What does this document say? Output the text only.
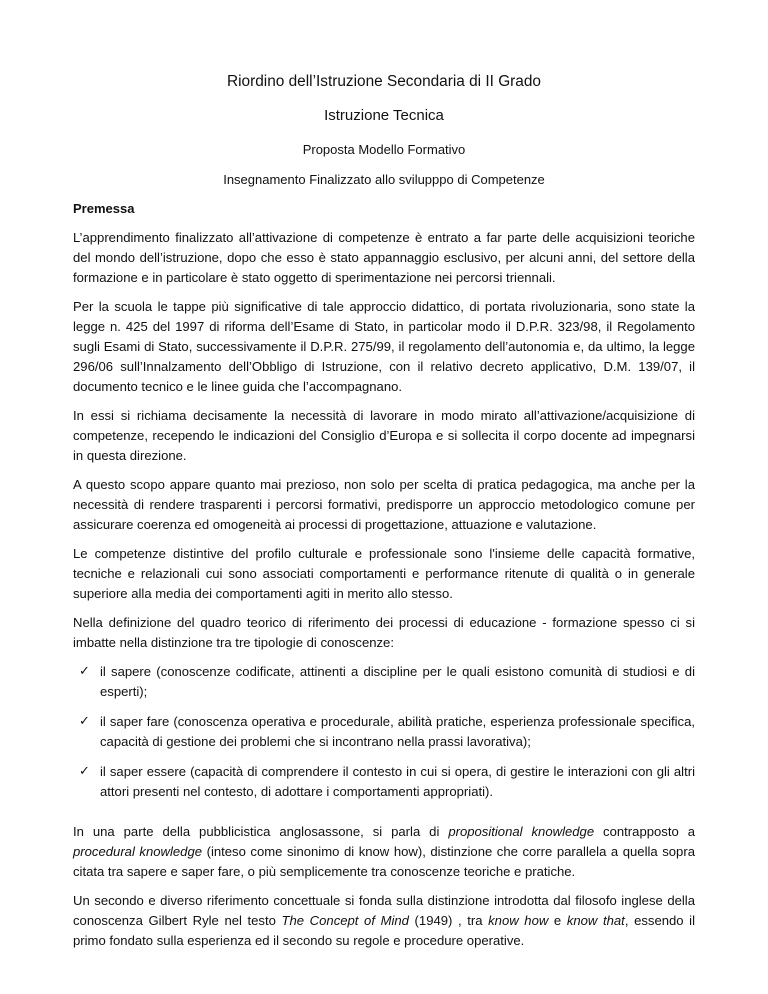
Riordino dell’Istruzione Secondaria di II Grado
Istruzione Tecnica
Proposta Modello Formativo
Insegnamento Finalizzato allo svilupppo di Competenze
Premessa

L’apprendimento finalizzato all’attivazione di competenze è entrato a far parte delle acquisizioni teoriche del mondo dell’istruzione, dopo che esso è stato appannaggio esclusivo, per alcuni anni, del settore della formazione e in particolare è stato oggetto di sperimentazione nei percorsi triennali.

Per la scuola le tappe più significative di tale approccio didattico, di portata rivoluzionaria, sono state la legge n. 425 del 1997 di riforma dell’Esame di Stato, in particolar modo il D.P.R. 323/98, il Regolamento sugli Esami di Stato, successivamente il D.P.R. 275/99, il regolamento dell’autonomia e, da ultimo, la legge 296/06 sull’Innalzamento dell’Obbligo di Istruzione, con il relativo decreto applicativo, D.M. 139/07, il documento tecnico e le linee guida che l’accompagnano.

In essi si richiama decisamente la necessità di lavorare in modo mirato all’attivazione/acquisizione di competenze, recependo le indicazioni del Consiglio d’Europa e si sollecita il corpo docente ad impegnarsi in questa direzione.

A questo scopo appare quanto mai prezioso, non solo per scelta di pratica pedagogica, ma anche per la necessità di rendere trasparenti i percorsi formativi, predisporre un approccio metodologico comune per assicurare coerenza ed omogeneità ai processi di progettazione, attuazione e valutazione.

Le competenze distintive del profilo culturale e professionale sono l'insieme delle capacità formative, tecniche e relazionali cui sono associati comportamenti e performance ritenute di qualità o in generale superiore alla media dei comportamenti agiti in merito allo stesso.

Nella definizione del quadro teorico di riferimento dei processi di educazione - formazione spesso ci si imbatte nella distinzione tra tre tipologie di conoscenze:

✓ il sapere (conoscenze codificate, attinenti a discipline per le quali esistono comunità di studiosi e di esperti);
✓ il saper fare (conoscenza operativa e procedurale, abilità pratiche, esperienza professionale specifica, capacità di gestione dei problemi che si incontrano nella prassi lavorativa);
✓ il saper essere (capacità di comprendere il contesto in cui si opera, di gestire le interazioni con gli altri attori presenti nel contesto, di adottare i comportamenti appropriati).

In una parte della pubblicistica anglosassone, si parla di propositional knowledge contrapposto a procedural knowledge (inteso come sinonimo di know how), distinzione che corre parallela a quella sopra citata tra sapere e saper fare, o più semplicemente tra conoscenze teoriche e pratiche.

Un secondo e diverso riferimento concettuale si fonda sulla distinzione introdotta dal filosofo inglese della conoscenza Gilbert Ryle nel testo The Concept of Mind (1949) , tra know how e know that, essendo il primo fondato sulla esperienza ed il secondo su regole e procedure operative.
